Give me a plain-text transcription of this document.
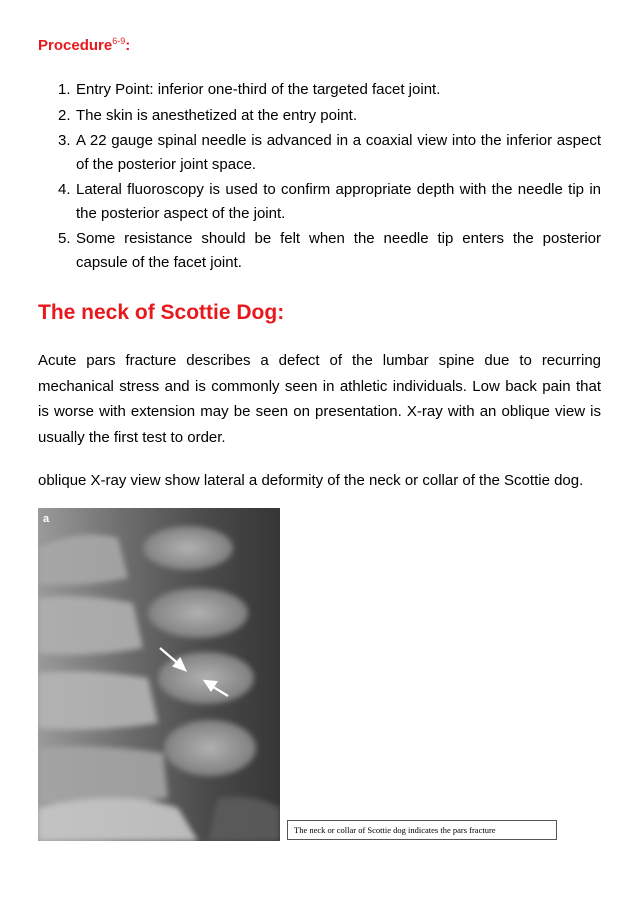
Procedure$^{6-9}$:
1. Entry Point: inferior one-third of the targeted facet joint.
2. The skin is anesthetized at the entry point.
3. A 22 gauge spinal needle is advanced in a coaxial view into the inferior aspect of the posterior joint space.
4. Lateral fluoroscopy is used to confirm appropriate depth with the needle tip in the posterior aspect of the joint.
5. Some resistance should be felt when the needle tip enters the posterior capsule of the facet joint.
The neck of Scottie Dog:

Acute pars fracture describes a defect of the lumbar spine due to recurring mechanical stress and is commonly seen in athletic individuals. Low back pain that is worse with extension may be seen on presentation. X-ray with an oblique view is usually the first test to order.

oblique X-ray view show lateral a deformity of the neck or collar of the Scottie dog.

a
The neck or collar of Scottie dog indicates the pars fracture
